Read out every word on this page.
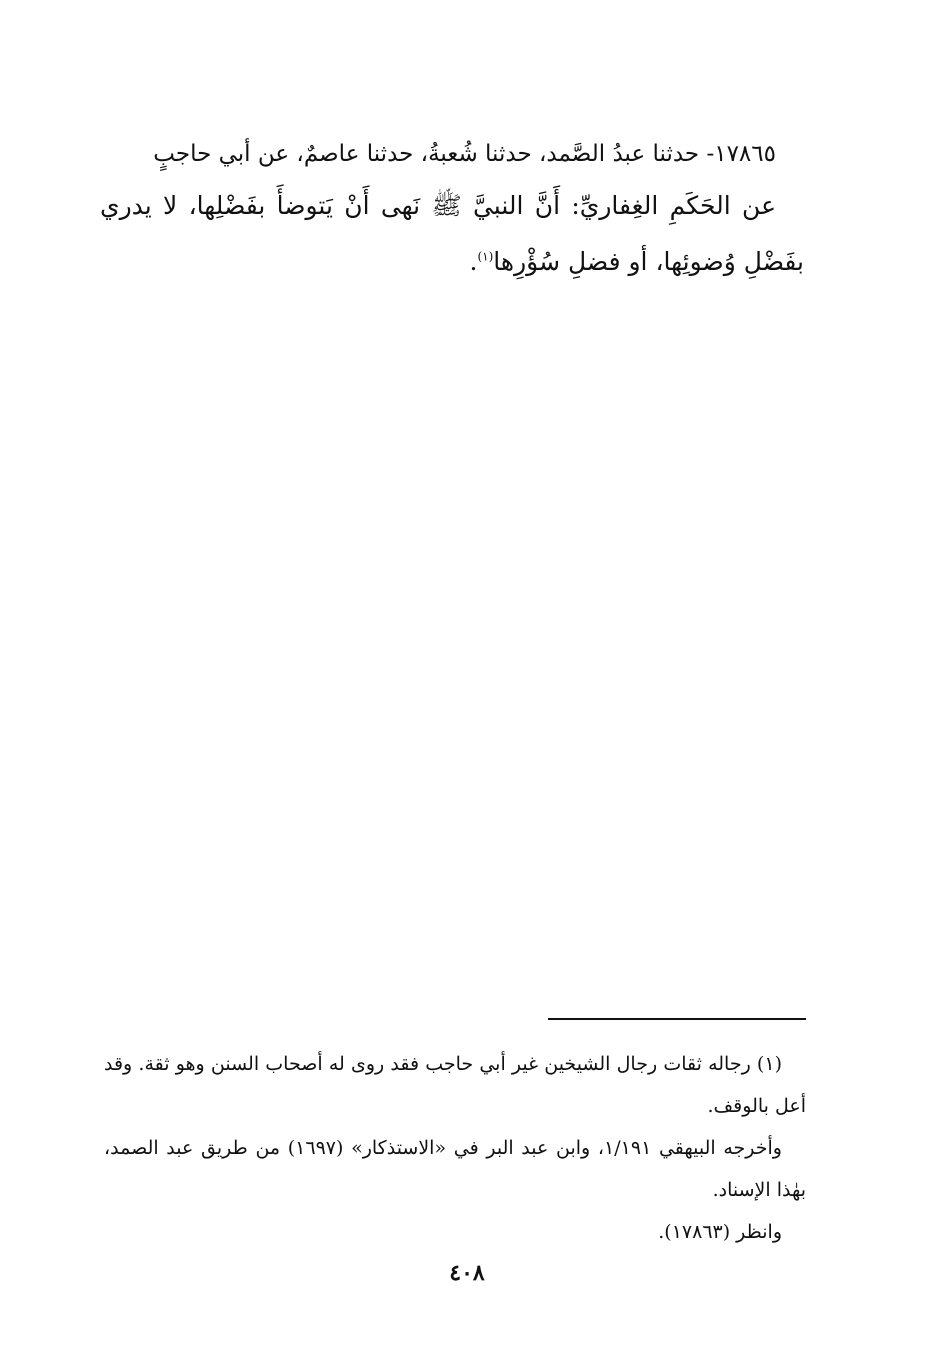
١٧٨٦٥- حدثنا عبدُ الصَّمد، حدثنا شُعبةُ، حدثنا عاصمٌ، عن أبي حاجبٍ

عن الحَكَمِ الغِفاريِّ: أَنَّ النبيَّ ﷺ نَهى أَنْ يَتوضأَ بفَضْلِها، لا يدري بفَضْلِ وُضوئِها، أو فضلِ سُؤْرِها$^{(١)}$.

(١) رجاله ثقات رجال الشيخين غير أبي حاجب فقد روى له أصحاب السنن وهو ثقة. وقد أعل بالوقف.

وأخرجه البيهقي ١/١٩١، وابن عبد البر في «الاستذكار» (١٦٩٧) من طريق عبد الصمد، بهٰذا الإسناد.

وانظر (١٧٨٦٣).

٤٠٨
